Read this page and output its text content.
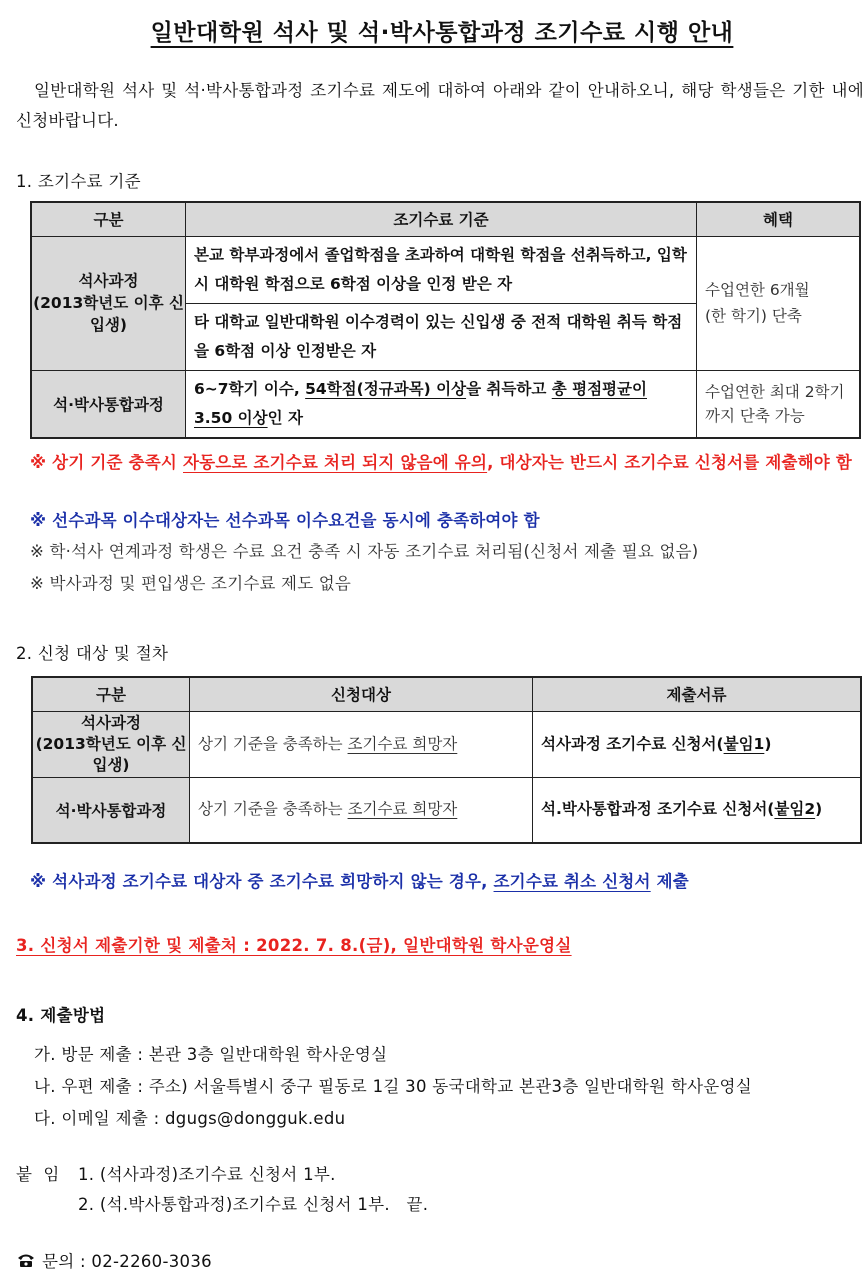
일반대학원 석사 및 석·박사통합과정 조기수료 시행 안내
일반대학원 석사 및 석·박사통합과정 조기수료 제도에 대하여 아래와 같이 안내하오니, 해당 학생들은 기한 내에 신청바랍니다.
1. 조기수료 기준
구분	조기수료 기준	혜택
석사과정
(2013학년도 이후 신입생)	본교 학부과정에서 졸업학점을 초과하여 대학원 학점을 선취득하고, 입학시 대학원 학점으로 6학점 이상을 인정 받은 자	수업연한 6개월
(한 학기) 단축
	타 대학교 일반대학원 이수경력이 있는 신입생 중 전적 대학원 취득 학점을 6학점 이상 인정받은 자	
석·박사통합과정	6~7학기 이수, 54학점(정규과목) 이상을 취득하고 총 평점평균이 3.50 이상인 자	수업연한 최대 2학기까지 단축 가능
※ 상기 기준 충족시 자동으로 조기수료 처리 되지 않음에 유의, 대상자는 반드시 조기수료 신청서를 제출해야 함
※ 선수과목 이수대상자는 선수과목 이수요건을 동시에 충족하여야 함
※ 학·석사 연계과정 학생은 수료 요건 충족 시 자동 조기수료 처리됨(신청서 제출 필요 없음)
※ 박사과정 및 편입생은 조기수료 제도 없음
2. 신청 대상 및 절차
구분	신청대상	제출서류
석사과정
(2013학년도 이후 신입생)	상기 기준을 충족하는 조기수료 희망자	석사과정 조기수료 신청서(붙임1)
석·박사통합과정	상기 기준을 충족하는 조기수료 희망자	석.박사통합과정 조기수료 신청서(붙임2)
※ 석사과정 조기수료 대상자 중 조기수료 희망하지 않는 경우, 조기수료 취소 신청서 제출
3. 신청서 제출기한 및 제출처 : 2022. 7. 8.(금), 일반대학원 학사운영실
4. 제출방법
가. 방문 제출 : 본관 3층 일반대학원 학사운영실
나. 우편 제출 : 주소) 서울특별시 중구 필동로 1길 30 동국대학교 본관3층 일반대학원 학사운영실
다. 이메일 제출 : dgugs@dongguk.edu
붙  임 1. (석사과정)조기수료 신청서 1부.
2. (석.박사통합과정)조기수료 신청서 1부.   끝.
문의 : 02-2260-3036
